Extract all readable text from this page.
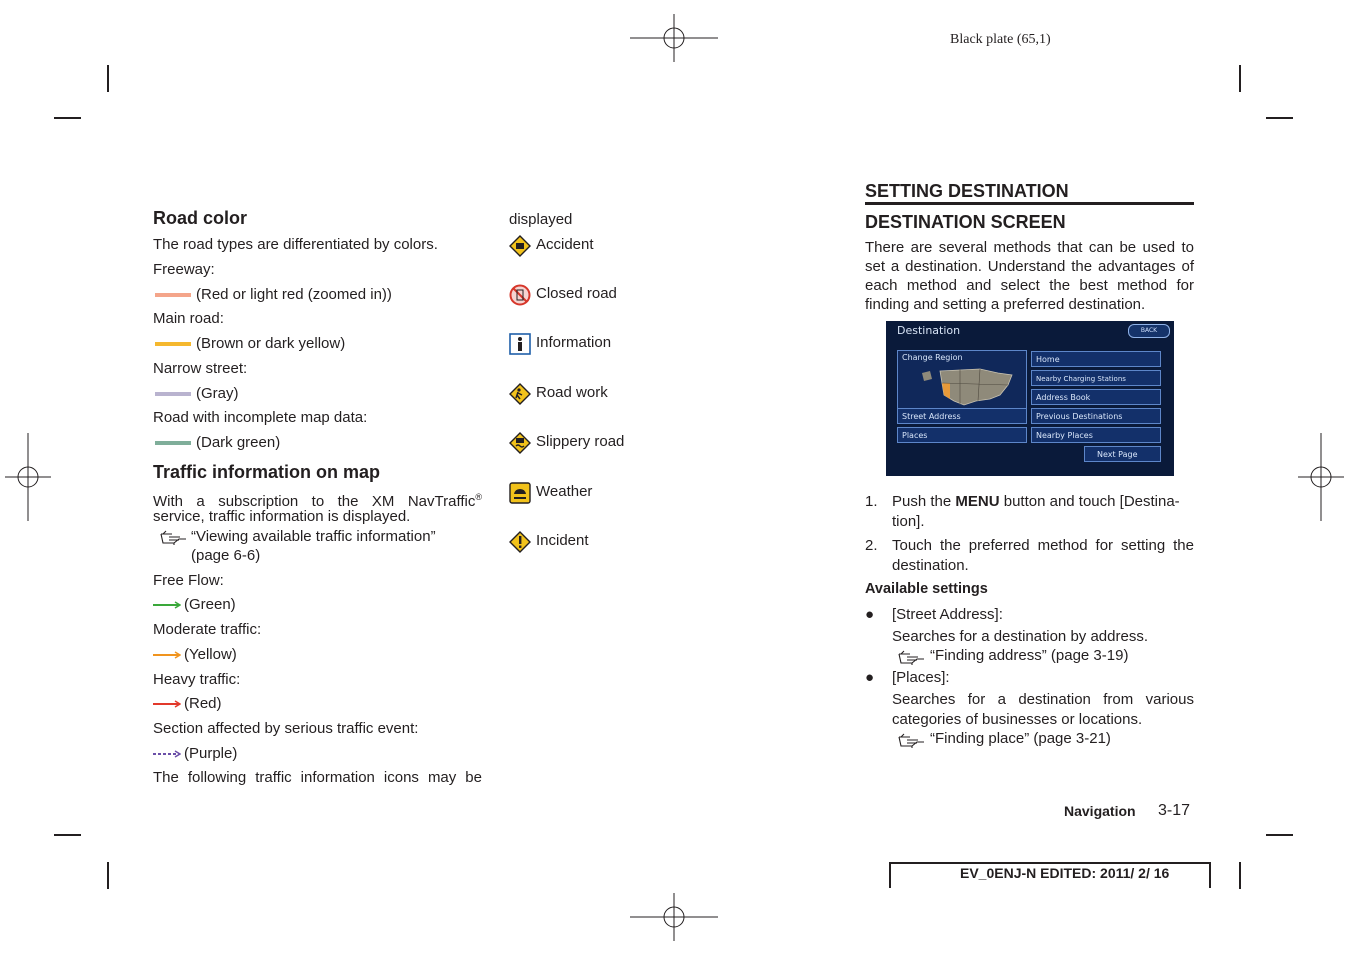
Black plate (65,1)
Road color
The road types are differentiated by colors.
Freeway:
(Red or light red (zoomed in))
Main road:
(Brown or dark yellow)
Narrow street:
(Gray)
Road with incomplete map data:
(Dark green)
Traffic information on map
With a subscription to the XM NavTraffic®
service, traffic information is displayed.
“Viewing available traffic information”
(page 6-6)
Free Flow:
(Green)
Moderate traffic:
(Yellow)
Heavy traffic:
(Red)
Section affected by serious traffic event:
(Purple)
The following traffic information icons may be
displayed
Accident
Closed road
Information
Road work
Slippery road
Weather
Incident
SETTING DESTINATION
DESTINATION SCREEN
There are several methods that can be used to set a destination. Understand the advantages of each method and select the best method for finding and setting a preferred destination.
Destination	BACK
Change Region	Home
Nearby Charging Stations
Address Book
Street Address	Previous Destinations
Places	Nearby Places
Next Page
1. Push the MENU button and touch [Destina-
tion].
2. Touch the preferred method for setting the
destination.
Available settings
● [Street Address]:
Searches for a destination by address.
“Finding address” (page 3-19)
● [Places]:
Searches for a destination from various
categories of businesses or locations.
“Finding place” (page 3-21)
Navigation 3-17
EV_0ENJ-N EDITED: 2011/ 2/ 16
